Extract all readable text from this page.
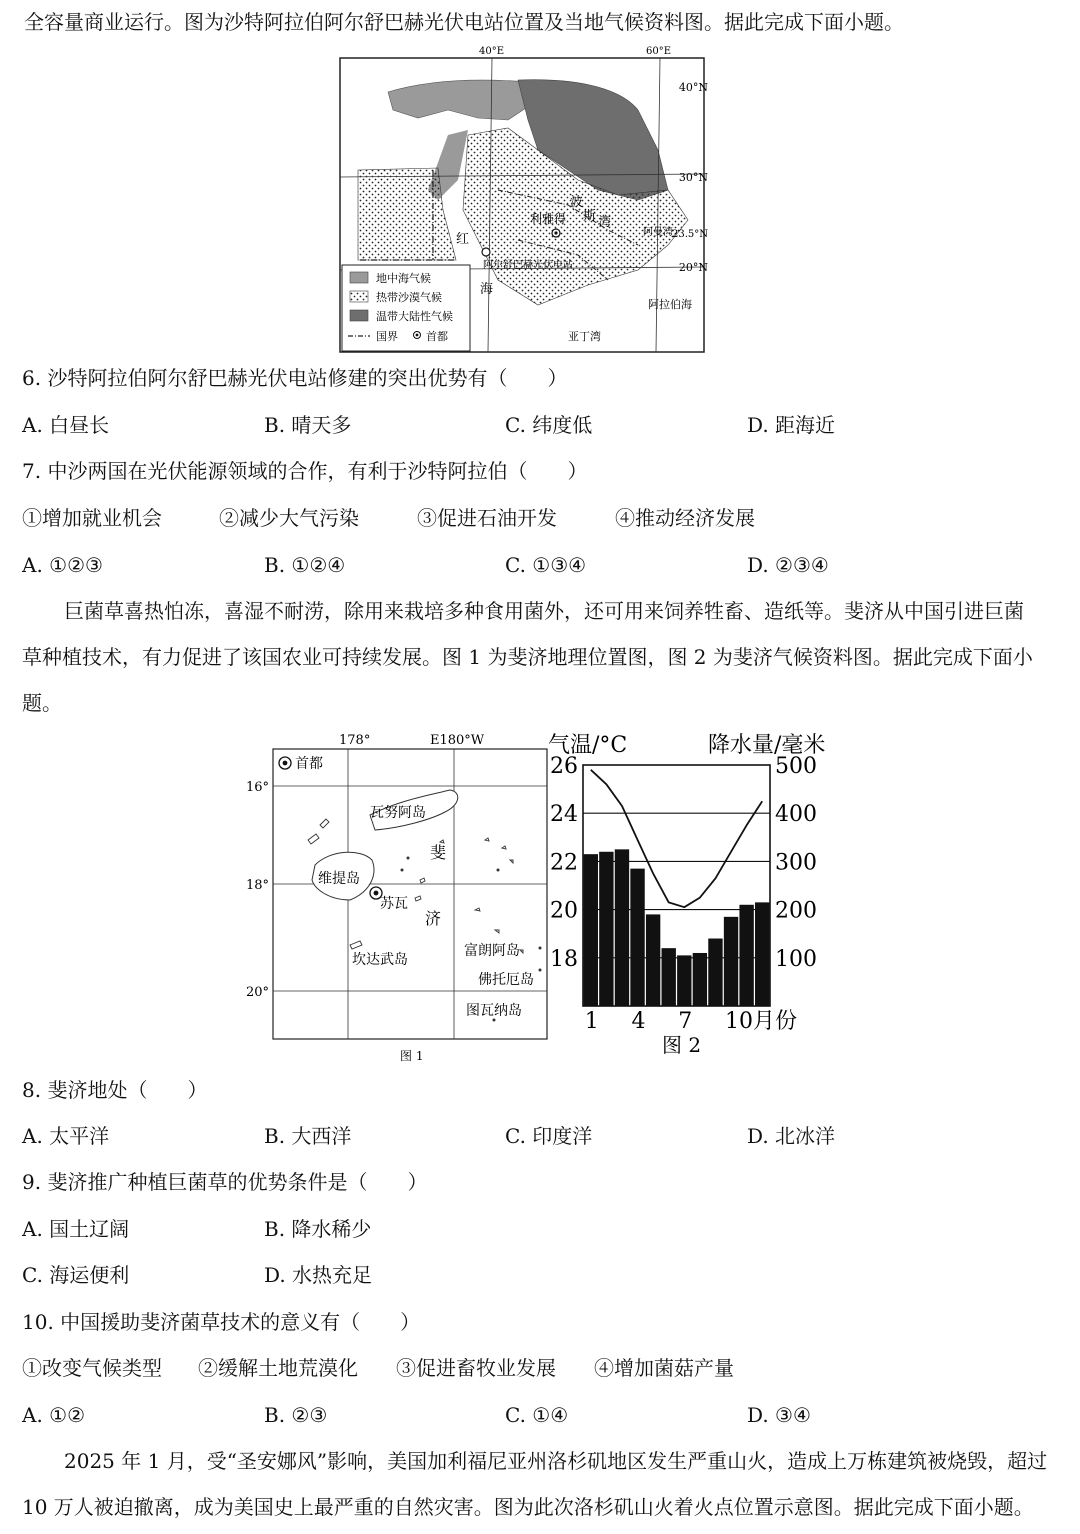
全容量商业运行。图为沙特阿拉伯阿尔舒巴赫光伏电站位置及当地气候资料图。据此完成下面小题。
40°E	60°E
40°N
30°N
23.5°N
20°N
利雅得
阿尔舒巴赫光伏电站
波
斯 湾
阿曼湾
红
海
阿拉伯海
亚丁湾
地中海气候
热带沙漠气候
温带大陆性气候
国界	首都
6. 沙特阿拉伯阿尔舒巴赫光伏电站修建的突出优势有（　　）
A. 白昼长	B. 晴天多	C. 纬度低	D. 距海近
7. 中沙两国在光伏能源领域的合作，有利于沙特阿拉伯（　　）
①增加就业机会	②减少大气污染	③促进石油开发	④推动经济发展
A. ①②③	B. ①②④	C. ①③④	D. ②③④
巨菌草喜热怕冻，喜湿不耐涝，除用来栽培多种食用菌外，还可用来饲养牲畜、造纸等。斐济从中国引进巨菌
草种植技术，有力促进了该国农业可持续发展。图 1 为斐济地理位置图，图 2 为斐济气候资料图。据此完成下面小
题。
178°	E180°W
16°
18°
20°
首都
瓦努阿岛
斐
维提岛
苏瓦
济
富朗阿岛
坎达武岛
佛托厄岛
图瓦纳岛
图 1
气温/°C	降水量/毫米
500
400
300
200
100
26
24
22
20
18
1 4 7 10月份
图 2
8. 斐济地处（　　）
A. 太平洋	B. 大西洋	C. 印度洋	D. 北冰洋
9. 斐济推广种植巨菌草的优势条件是（　　）
A. 国土辽阔	B. 降水稀少
C. 海运便利	D. 水热充足
10. 中国援助斐济菌草技术的意义有（　　）
①改变气候类型 ②缓解土地荒漠化 ③促进畜牧业发展 ④增加菌菇产量
A. ①②	B. ②③	C. ①④	D. ③④
2025 年 1 月，受“圣安娜风”影响，美国加利福尼亚州洛杉矶地区发生严重山火，造成上万栋建筑被烧毁，超过
10 万人被迫撤离，成为美国史上最严重的自然灾害。图为此次洛杉矶山火着火点位置示意图。据此完成下面小题。
